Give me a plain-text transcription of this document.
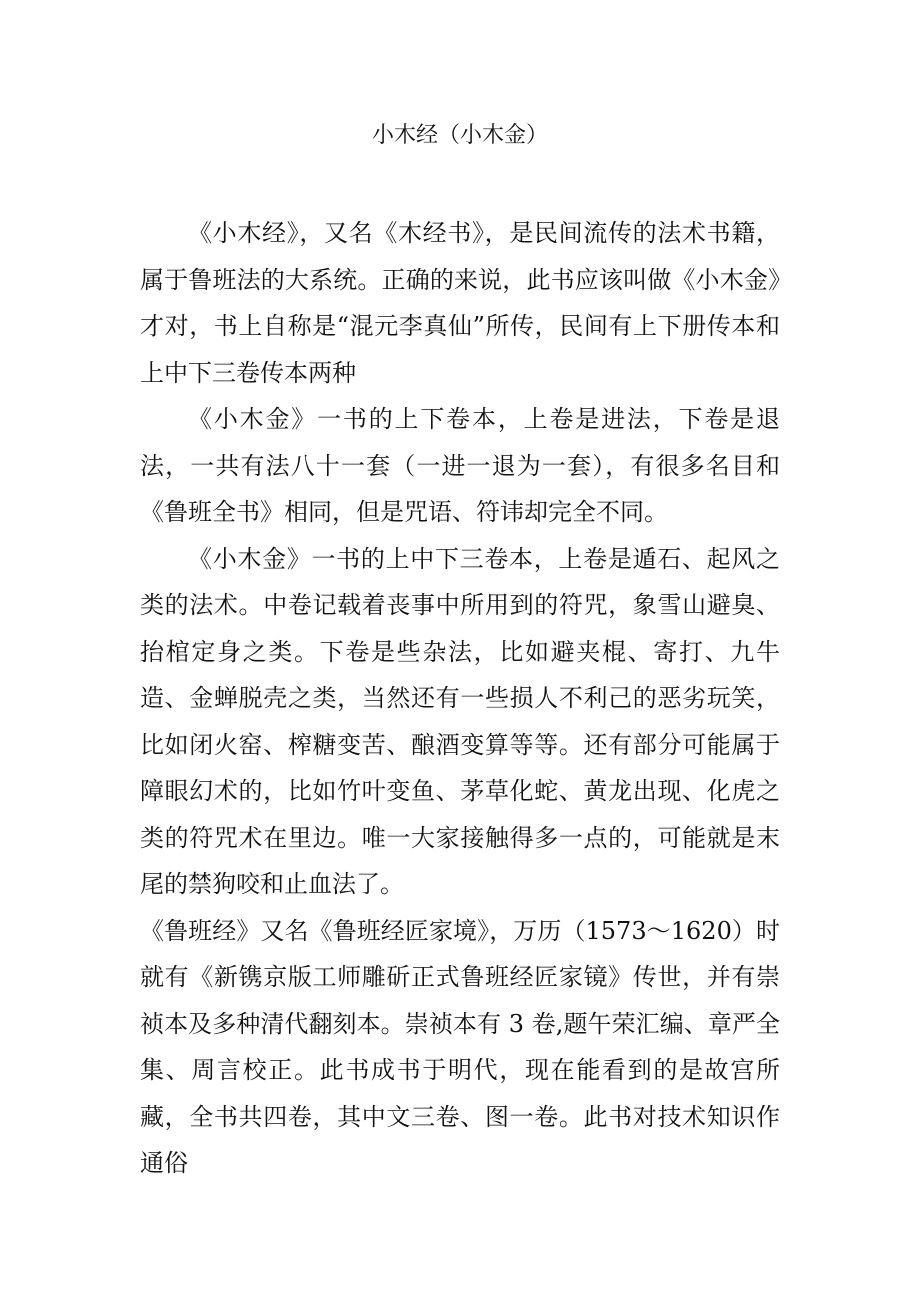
小木经（小木金）

《小木经》，又名《木经书》，是民间流传的法术书籍，属于鲁班法的大系统。正确的来说，此书应该叫做《小木金》才对，书上自称是“混元李真仙”所传，民间有上下册传本和上中下三卷传本两种

《小木金》一书的上下卷本，上卷是进法，下卷是退法，一共有法八十一套（一进一退为一套），有很多名目和《鲁班全书》相同，但是咒语、符讳却完全不同。

《小木金》一书的上中下三卷本，上卷是遁石、起风之类的法术。中卷记载着丧事中所用到的符咒，象雪山避臭、抬棺定身之类。下卷是些杂法，比如避夹棍、寄打、九牛造、金蝉脱壳之类，当然还有一些损人不利己的恶劣玩笑，比如闭火窑、榨糖变苦、酿酒变算等等。还有部分可能属于障眼幻术的，比如竹叶变鱼、茅草化蛇、黄龙出现、化虎之类的符咒术在里边。唯一大家接触得多一点的，可能就是末尾的禁狗咬和止血法了。

《鲁班经》又名《鲁班经匠家境》，万历（1573～1620）时就有《新镌京版工师雕斫正式鲁班经匠家镜》传世，并有崇祯本及多种清代翻刻本。崇祯本有 3 卷,题午荣汇编、章严全集、周言校正。此书成书于明代，现在能看到的是故宫所藏，全书共四卷，其中文三卷、图一卷。此书对技术知识作通俗
